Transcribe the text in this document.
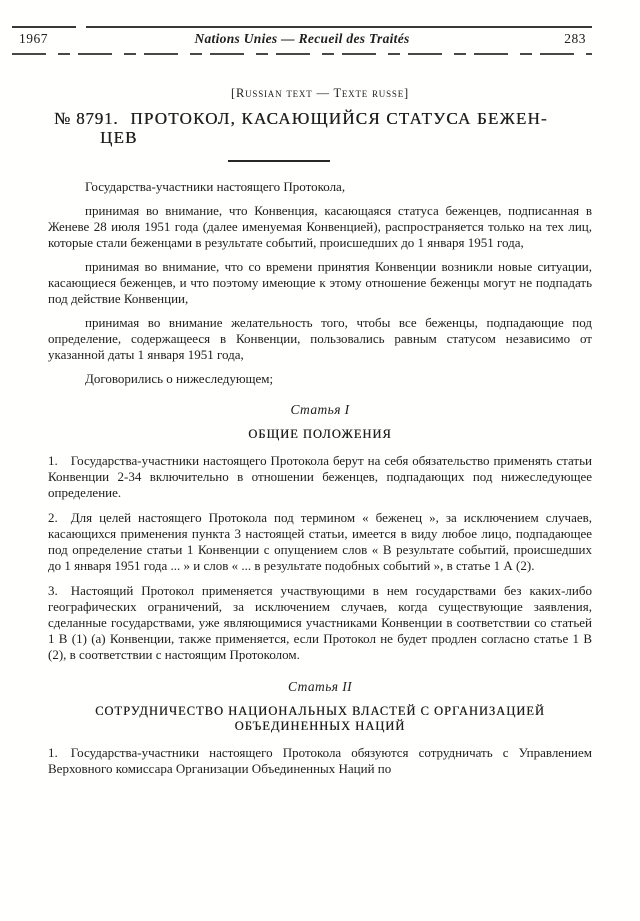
1967	Nations Unies — Recueil des Traités	283
[Russian text — Texte russe]
№ 8791. ПРОТОКОЛ, КАСАЮЩИЙСЯ СТАТУСА БЕЖЕН-
ЦЕВ

Государства-участники настоящего Протокола,

принимая во внимание, что Конвенция, касающаяся статуса беженцев, подписанная в Женеве 28 июля 1951 года (далее именуемая Конвенцией), распространяется только на тех лиц, которые стали беженцами в результате событий, происшедших до 1 января 1951 года,

принимая во внимание, что со времени принятия Конвенции возникли новые ситуации, касающиеся беженцев, и что поэтому имеющие к этому отношение беженцы могут не подпадать под действие Конвенции,

принимая во внимание желательность того, чтобы все беженцы, подпадающие под определение, содержащееся в Конвенции, пользовались равным статусом независимо от указанной даты 1 января 1951 года,

Договорились о нижеследующем;

Статья I
ОБЩИЕ ПОЛОЖЕНИЯ

1. Государства-участники настоящего Протокола берут на себя обязательство применять статьи Конвенции 2-34 включительно в отношении беженцев, подпадающих под нижеследующее определение.

2. Для целей настоящего Протокола под термином « беженец », за исключением случаев, касающихся применения пункта 3 настоящей статьи, имеется в виду любое лицо, подпадающее под определение статьи 1 Конвенции с опущением слов « В результате событий, происшедших до 1 января 1951 года ... » и слов « ... в результате подобных событий », в статье 1 А (2).

3. Настоящий Протокол применяется участвующими в нем государствами без каких-либо географических ограничений, за исключением случаев, когда существующие заявления, сделанные государствами, уже являющимися участниками Конвенции в соответствии со статьей 1 В (1) (а) Конвенции, также применяется, если Протокол не будет продлен согласно статье 1 В (2), в соответствии с настоящим Протоколом.

Статья II
СОТРУДНИЧЕСТВО НАЦИОНАЛЬНЫХ ВЛАСТЕЙ С ОРГАНИЗАЦИЕЙ
ОБЪЕДИНЕННЫХ НАЦИЙ

1. Государства-участники настоящего Протокола обязуются сотрудничать с Управлением Верховного комиссара Организации Объединенных Наций по
